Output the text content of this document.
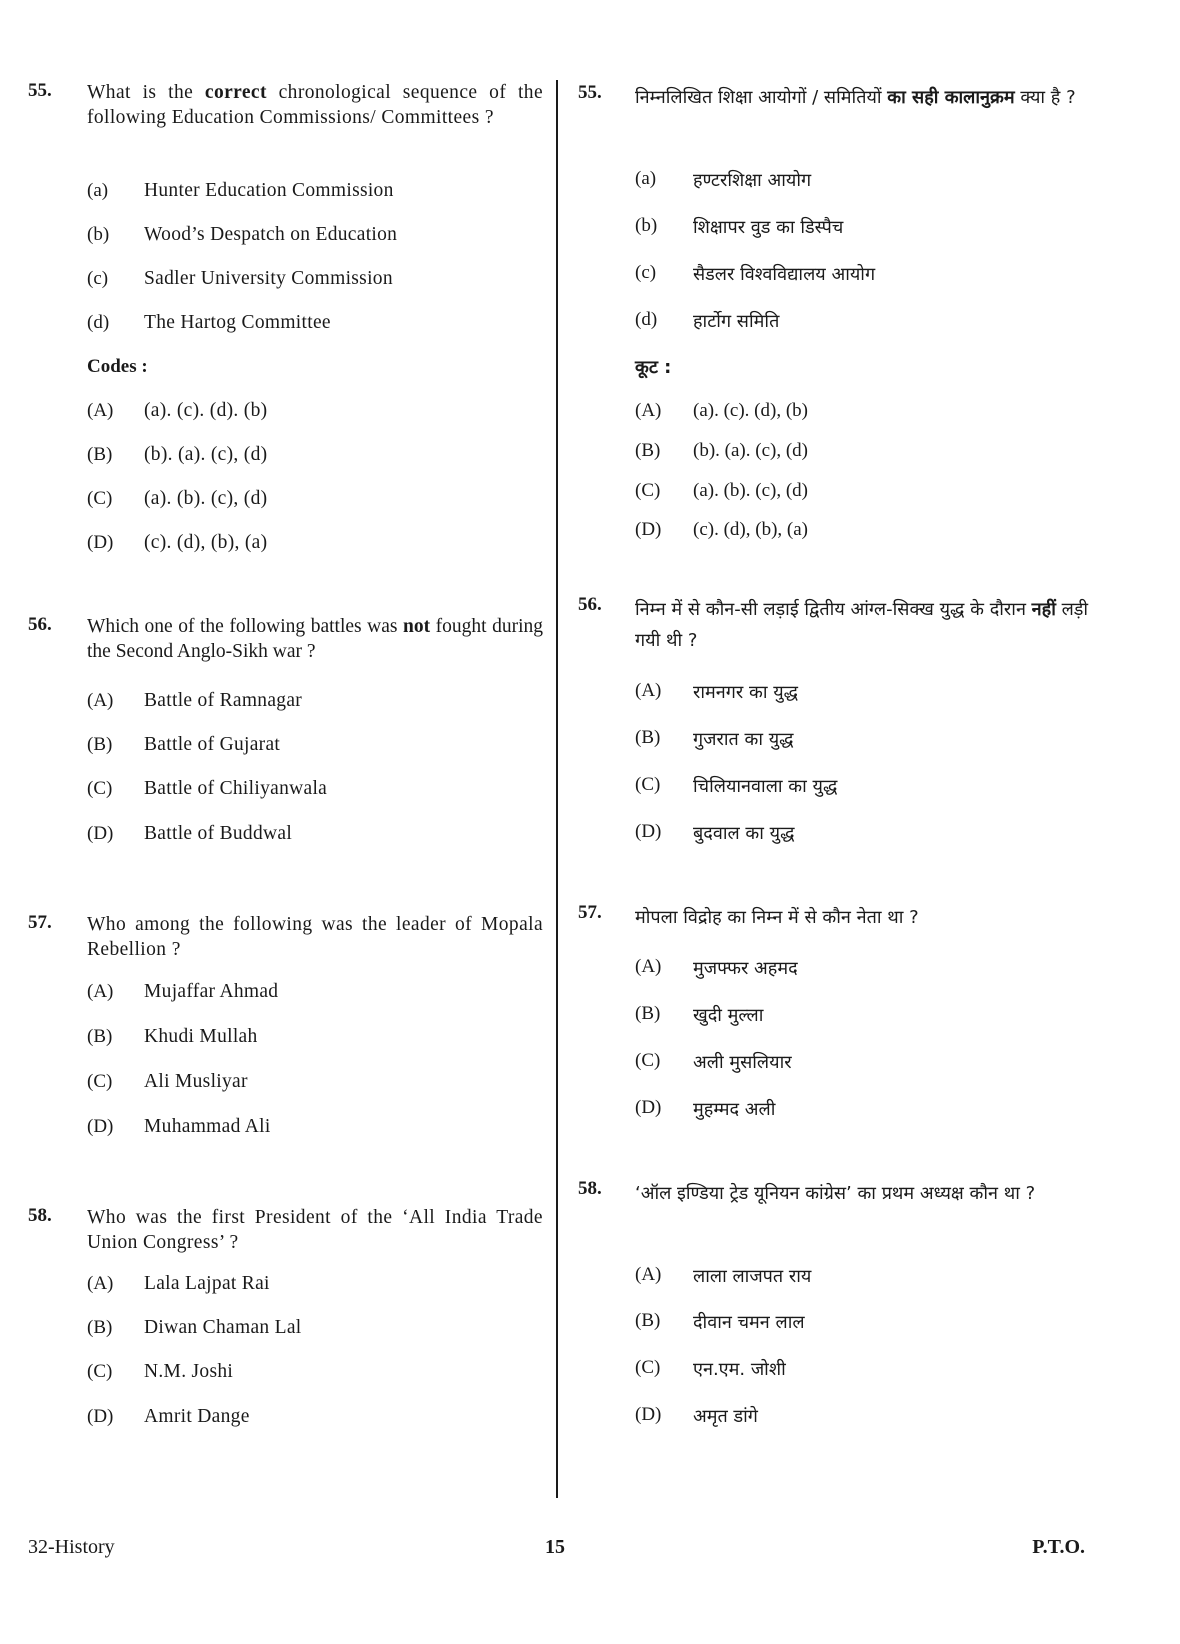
55. What is the correct chronological sequence of the following Education Commissions/ Committees ?
(a) Hunter Education Commission
(b) Wood’s Despatch on Education
(c) Sadler University Commission
(d) The Hartog Committee
Codes :
(A) (a). (c). (d). (b)
(B) (b). (a). (c), (d)
(C) (a). (b). (c), (d)
(D) (c). (d), (b), (a)
56. Which one of the following battles was not fought during the Second Anglo-Sikh war ?
(A) Battle of Ramnagar
(B) Battle of Gujarat
(C) Battle of Chiliyanwala
(D) Battle of Buddwal
57. Who among the following was the leader of Mopala Rebellion ?
(A) Mujaffar Ahmad
(B) Khudi Mullah
(C) Ali Musliyar
(D) Muhammad Ali
58. Who was the first President of the ‘All India Trade Union Congress’ ?
(A) Lala Lajpat Rai
(B) Diwan Chaman Lal
(C) N.M. Joshi
(D) Amrit Dange
55. निम्नलिखित शिक्षा आयोगों / समितियों का सही कालानुक्रम क्या है ?
(a) हण्टरशिक्षा आयोग
(b) शिक्षापर वुड का डिस्पैच
(c) सैडलर विश्वविद्यालय आयोग
(d) हार्टोग समिति
कूट :
(A) (a). (c). (d), (b)
(B) (b). (a). (c), (d)
(C) (a). (b). (c), (d)
(D) (c). (d), (b), (a)
56. निम्न में से कौन-सी लड़ाई द्वितीय आंग्ल-सिक्ख युद्ध के दौरान नहीं लड़ी गयी थी ?
(A) रामनगर का युद्ध
(B) गुजरात का युद्ध
(C) चिलियानवाला का युद्ध
(D) बुदवाल का युद्ध
57. मोपला विद्रोह का निम्न में से कौन नेता था ?
(A) मुजफ्फर अहमद
(B) खुदी मुल्ला
(C) अली मुसलियार
(D) मुहम्मद अली
58. ‘ऑल इण्डिया ट्रेड यूनियन कांग्रेस’ का प्रथम अध्यक्ष कौन था ?
(A) लाला लाजपत राय
(B) दीवान चमन लाल
(C) एन.एम. जोशी
(D) अमृत डांगे
32-History	15	P.T.O.
